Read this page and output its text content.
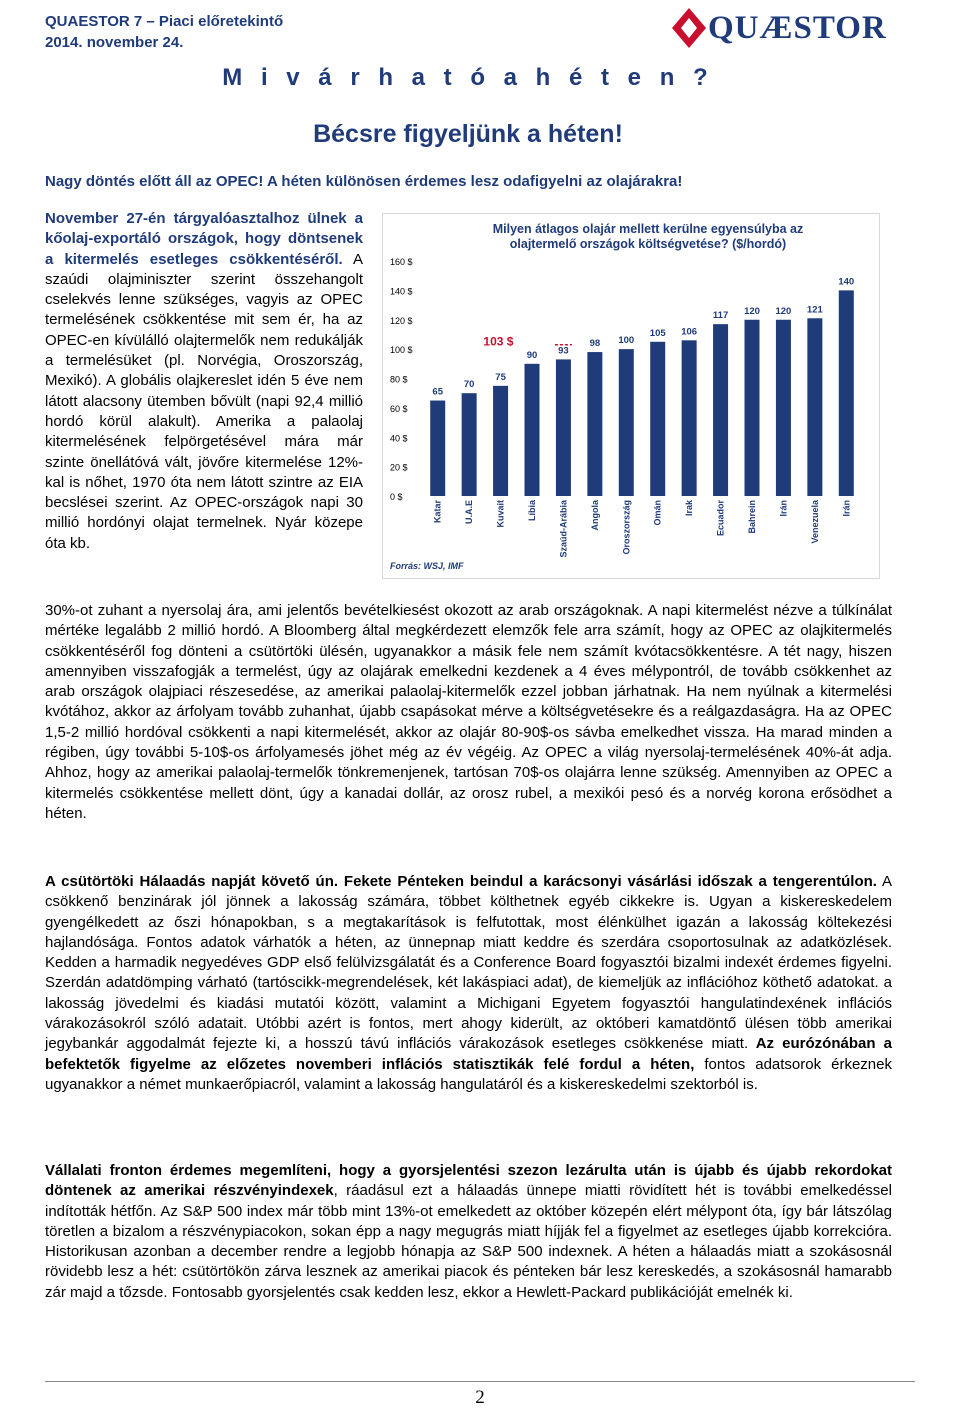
QUAESTOR 7 – Piaci előretekintő
2014. november 24.	QUÆSTOR
M i v á r h a t ó a h é t e n ?
Bécsre figyeljünk a héten!
Nagy döntés előtt áll az OPEC! A héten különösen érdemes lesz odafigyelni az olajárakra!
November 27-én tárgyalóasztalhoz ülnek a kőolaj-exportáló országok, hogy döntsenek a kitermelés esetleges csökkentéséről. A szaúdi olajminiszter szerint összehangolt cselekvés lenne szükséges, vagyis az OPEC termelésének csökkentése mit sem ér, ha az OPEC-en kívülálló olajtermelők nem redukálják a termelésüket (pl. Norvégia, Oroszország, Mexikó). A globális olajkereslet idén 5 éve nem látott alacsony ütemben bővült (napi 92,4 millió hordó körül alakult). Amerika a palaolaj kitermelésének felpörgetésével mára már szinte önellátóvá vált, jövőre kitermelése 12%-kal is nőhet, 1970 óta nem látott szintre az EIA becslései szerint. Az OPEC-országok napi 30 millió hordónyi olajat termelnek. Nyár közepe óta kb.
Milyen átlagos olajár mellett kerülne egyensúlyba az
olajtermelő országok költségvetése? ($/hordó)
0 $
20 $
40 $
60 $
80 $
100 $
120 $
140 $
160 $
65
Katar
70
U.A.E
75
Kuvait
90
Líbia
93
Szaúd-Arábia
98
Angola
100
Oroszország
105
Omán
106
Irak
117
Ecuador
120
Bahrein
120
Irán
121
Venezuela
140
Irán
103 $
Forrás: WSJ, IMF
30%-ot zuhant a nyersolaj ára, ami jelentős bevételkiesést okozott az arab országoknak. A napi kitermelést nézve a túlkínálat mértéke legalább 2 millió hordó. A Bloomberg által megkérdezett elemzők fele arra számít, hogy az OPEC az olajkitermelés csökkentéséről fog dönteni a csütörtöki ülésén, ugyanakkor a másik fele nem számít kvótacsökkentésre. A tét nagy, hiszen amennyiben visszafogják a termelést, úgy az olajárak emelkedni kezdenek a 4 éves mélypontról, de tovább csökkenhet az arab országok olajpiaci részesedése, az amerikai palaolaj-kitermelők ezzel jobban járhatnak. Ha nem nyúlnak a kitermelési kvótához, akkor az árfolyam tovább zuhanhat, újabb csapásokat mérve a költségvetésekre és a reálgazdaságra. Ha az OPEC 1,5-2 millió hordóval csökkenti a napi kitermelését, akkor az olajár 80-90$-os sávba emelkedhet vissza. Ha marad minden a régiben, úgy további 5-10$-os árfolyamesés jöhet még az év végéig. Az OPEC a világ nyersolaj-termelésének 40%-át adja. Ahhoz, hogy az amerikai palaolaj-termelők tönkremenjenek, tartósan 70$-os olajárra lenne szükség. Amennyiben az OPEC a kitermelés csökkentése mellett dönt, úgy a kanadai dollár, az orosz rubel, a mexikói pesó és a norvég korona erősödhet a héten.
A csütörtöki Hálaadás napját követő ún. Fekete Pénteken beindul a karácsonyi vásárlási időszak a tengerentúlon. A csökkenő benzinárak jól jönnek a lakosság számára, többet költhetnek egyéb cikkekre is. Ugyan a kiskereskedelem gyengélkedett az őszi hónapokban, s a megtakarítások is felfutottak, most élénkülhet igazán a lakosság költekezési hajlandósága. Fontos adatok várhatók a héten, az ünnepnap miatt keddre és szerdára csoportosulnak az adatközlések. Kedden a harmadik negyedéves GDP első felülvizsgálatát és a Conference Board fogyasztói bizalmi indexét érdemes figyelni. Szerdán adatdömping várható (tartóscikk-megrendelések, két lakáspiaci adat), de kiemeljük az inflációhoz köthető adatokat. a lakosság jövedelmi és kiadási mutatói között, valamint a Michigani Egyetem fogyasztói hangulatindexének inflációs várakozásokról szóló adatait. Utóbbi azért is fontos, mert ahogy kiderült, az októberi kamatdöntő ülésen több amerikai jegybankár aggodalmát fejezte ki, a hosszú távú inflációs várakozások esetleges csökkenése miatt. Az eurózónában a befektetők figyelme az előzetes novemberi inflációs statisztikák felé fordul a héten, fontos adatsorok érkeznek ugyanakkor a német munkaerőpiacról, valamint a lakosság hangulatáról és a kiskereskedelmi szektorból is.
Vállalati fronton érdemes megemlíteni, hogy a gyorsjelentési szezon lezárulta után is újabb és újabb rekordokat döntenek az amerikai részvényindexek, ráadásul ezt a hálaadás ünnepe miatti rövidített hét is további emelkedéssel indították hétfőn. Az S&P 500 index már több mint 13%-ot emelkedett az október közepén elért mélypont óta, így bár látszólag töretlen a bizalom a részvénypiacokon, sokan épp a nagy megugrás miatt híjják fel a figyelmet az esetleges újabb korrekcióra. Historikusan azonban a december rendre a legjobb hónapja az S&P 500 indexnek. A héten a hálaadás miatt a szokásosnál rövidebb lesz a hét: csütörtökön zárva lesznek az amerikai piacok és pénteken bár lesz kereskedés, a szokásosnál hamarabb zár majd a tőzsde. Fontosabb gyorsjelentés csak kedden lesz, ekkor a Hewlett-Packard publikációját emelnék ki.
2
